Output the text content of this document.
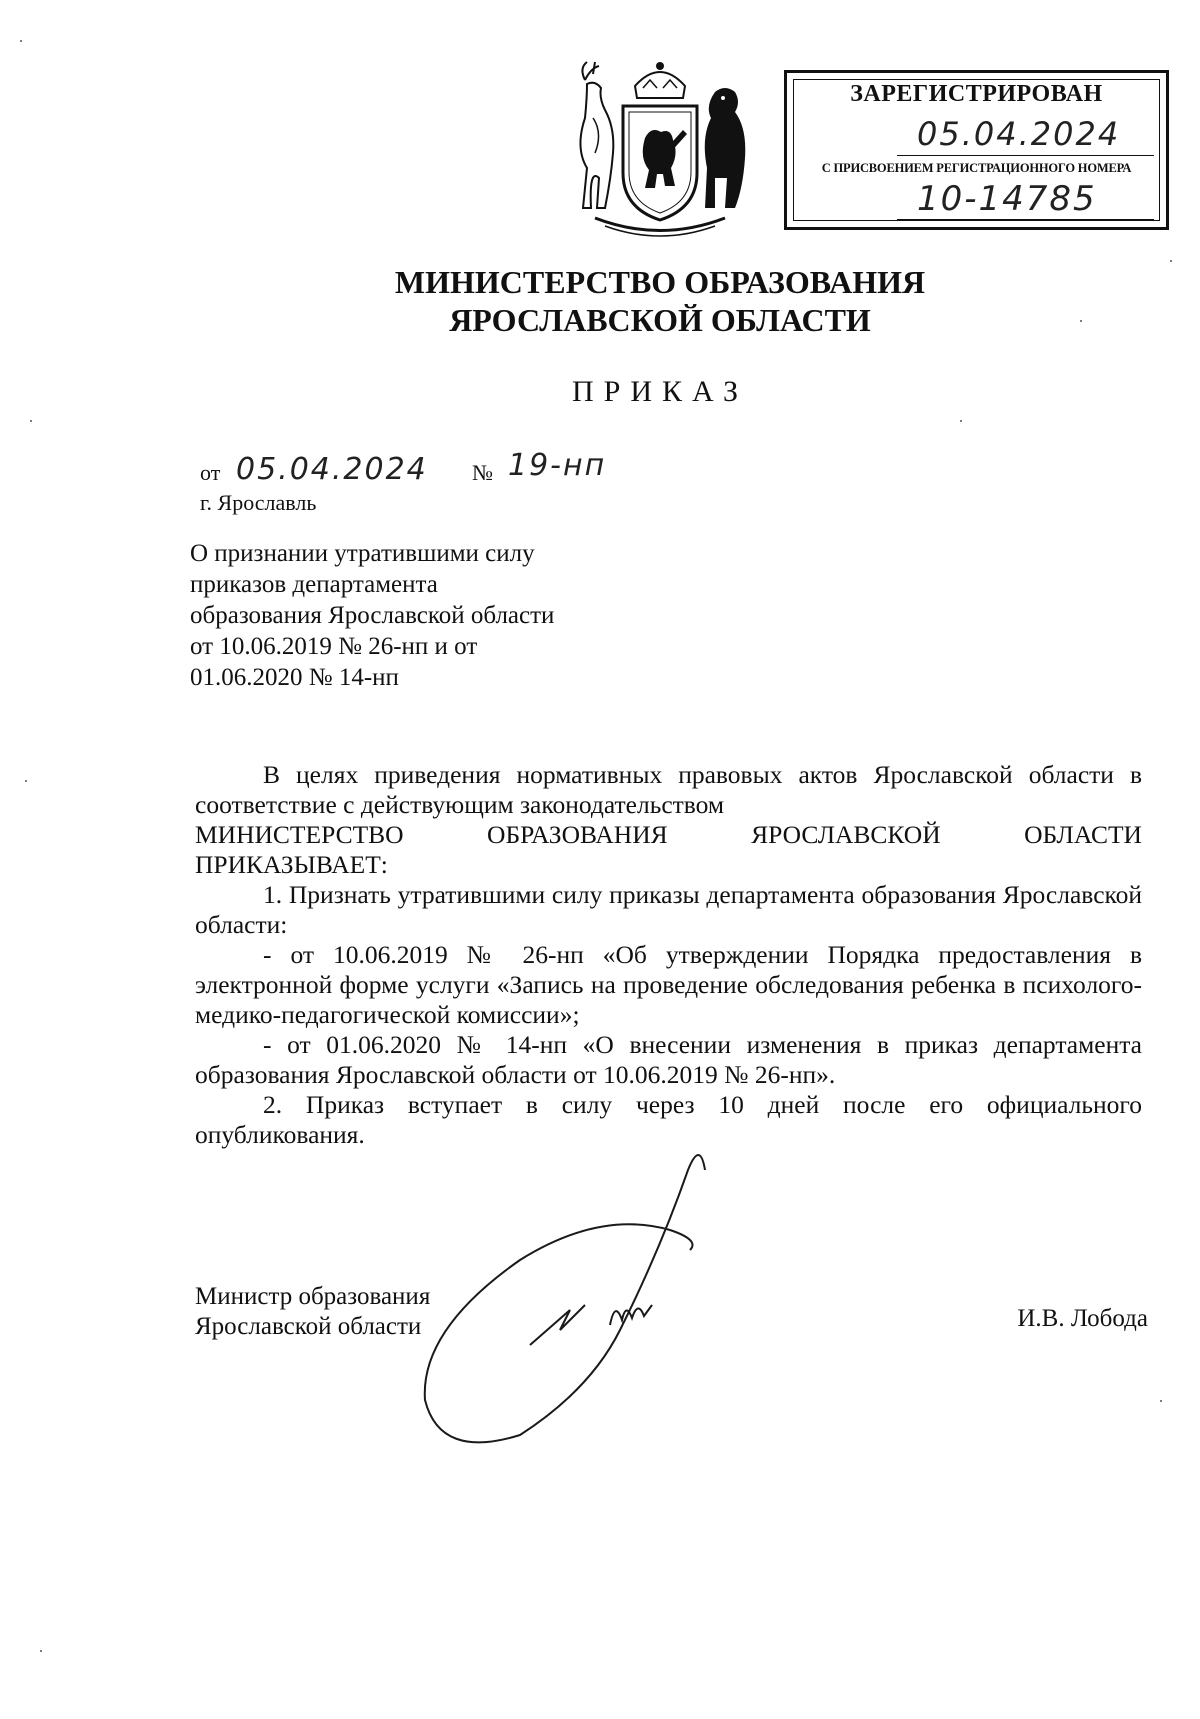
ЗАРЕГИСТРИРОВАН
05.04.2024
С ПРИСВОЕНИЕМ РЕГИСТРАЦИОННОГО НОМЕРА
10-14785
МИНИСТЕРСТВО ОБРАЗОВАНИЯ
ЯРОСЛАВСКОЙ ОБЛАСТИ
ПРИКАЗ
от 05.04.2024 № 19-нп
г. Ярославль
О признании утратившими силу
приказов департамента
образования Ярославской области
от 10.06.2019 № 26-нп и от
01.06.2020 № 14-нп

В целях приведения нормативных правовых актов Ярославской области в соответствие с действующим законодательством

МИНИСТЕРСТВО	ОБРАЗОВАНИЯ	ЯРОСЛАВСКОЙ	ОБЛАСТИ

ПРИКАЗЫВАЕТ:

1. Признать утратившими силу приказы департамента образования Ярославской области:

- от 10.06.2019 № 26-нп «Об утверждении Порядка предоставления в электронной форме услуги «Запись на проведение обследования ребенка в психолого-медико-педагогической комиссии»;

- от 01.06.2020 № 14-нп «О внесении изменения в приказ департамента образования Ярославской области от 10.06.2019 № 26-нп».

2. Приказ вступает в силу через 10 дней после его официального опубликования.

Министр образования
Ярославской области	И.В. Лобода
